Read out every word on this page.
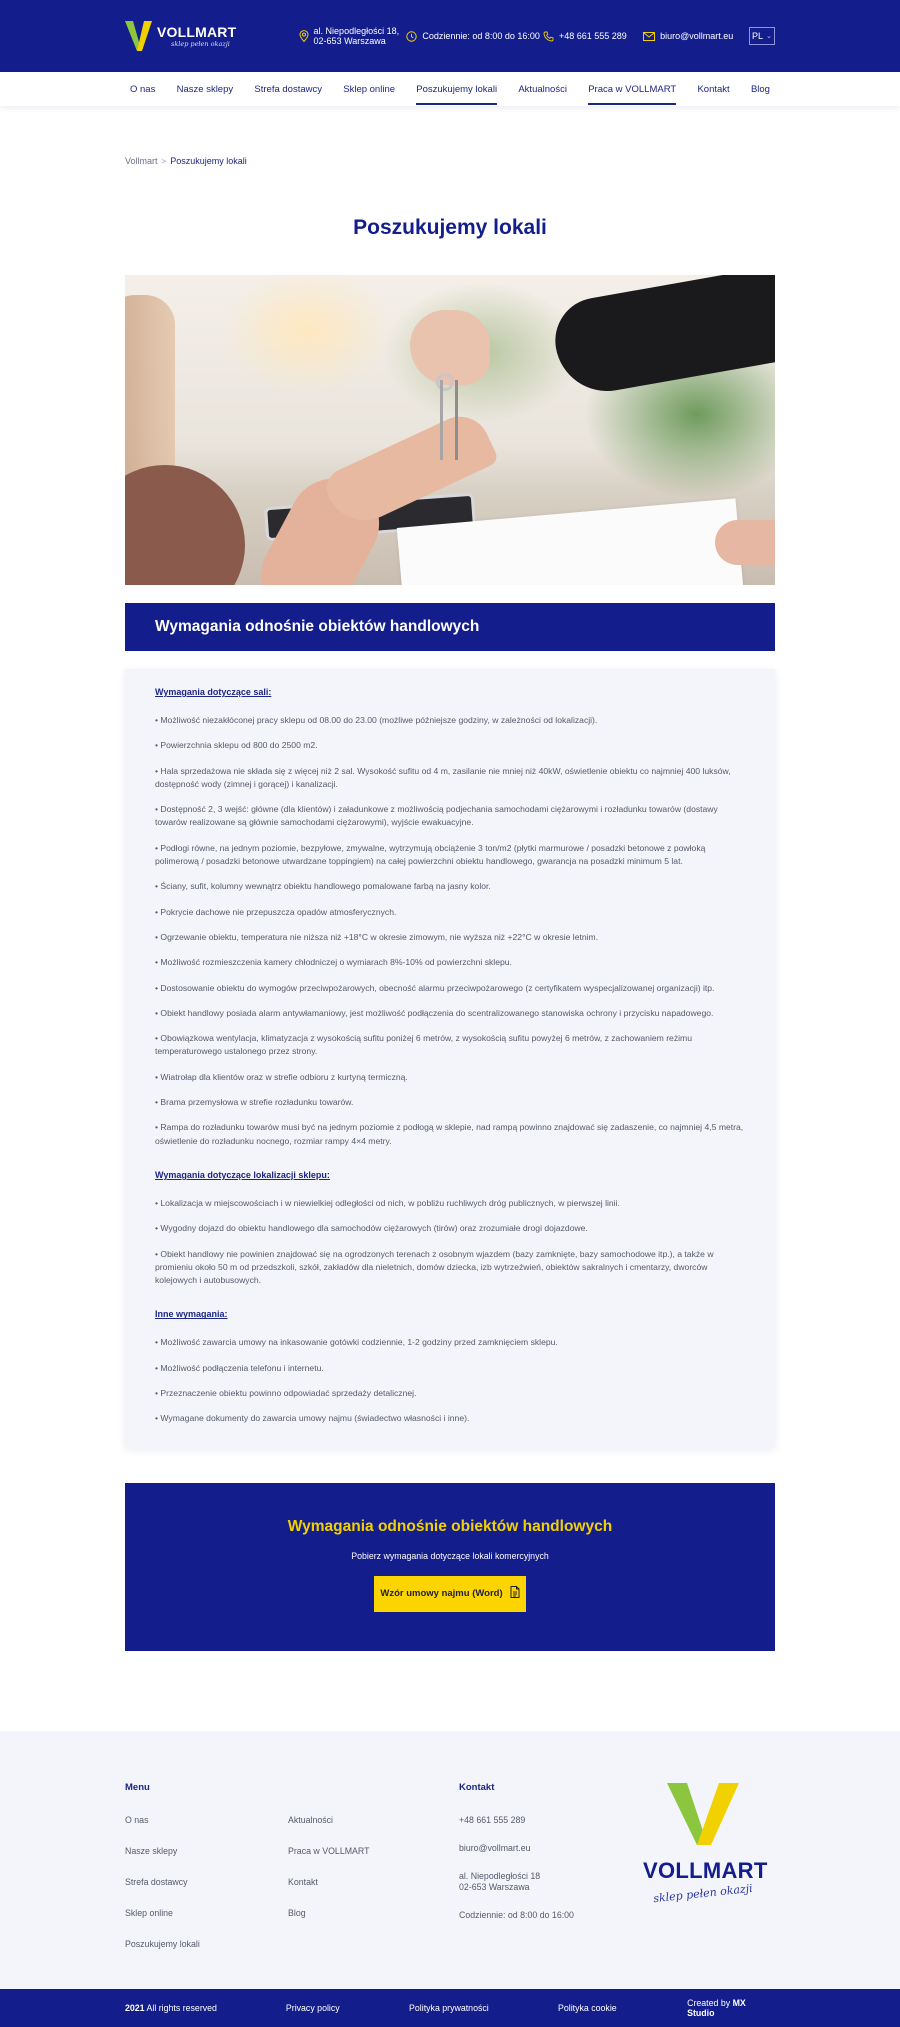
VOLLMART
sklep pełen okazji
al. Niepodległości 18,
02-653 Warszawa	Codziennie: od 8:00 do 16:00 +48 661 555 289	biuro@vollmart.eu PL ⌄
O nas Nasze sklepy Strefa dostawcy Sklep online Poszukujemy lokali Aktualności Praca w VOLLMART Kontakt Blog
Vollmart > Poszukujemy lokali
Poszukujemy lokali
Wymagania odnośnie obiektów handlowych
Wymagania dotyczące sali:

• Możliwość niezakłóconej pracy sklepu od 08.00 do 23.00 (możliwe późniejsze godziny, w zależności od lokalizacji).

• Powierzchnia sklepu od 800 do 2500 m2.

• Hala sprzedażowa nie składa się z więcej niż 2 sal. Wysokość sufitu od 4 m, zasilanie nie mniej niż 40kW, oświetlenie obiektu co najmniej 400 luksów, dostępność wody (zimnej i gorącej) i kanalizacji.

• Dostępność 2, 3 wejść: główne (dla klientów) i załadunkowe z możliwością podjechania samochodami ciężarowymi i rozładunku towarów (dostawy towarów realizowane są głównie samochodami ciężarowymi), wyjście ewakuacyjne.

• Podłogi równe, na jednym poziomie, bezpyłowe, zmywalne, wytrzymują obciążenie 3 ton/m2 (płytki marmurowe / posadzki betonowe z powłoką polimerową / posadzki betonowe utwardzane toppingiem) na całej powierzchni obiektu handlowego, gwarancja na posadzki minimum 5 lat.

• Ściany, sufit, kolumny wewnątrz obiektu handlowego pomalowane farbą na jasny kolor.

• Pokrycie dachowe nie przepuszcza opadów atmosferycznych.

• Ogrzewanie obiektu, temperatura nie niższa niż +18°C w okresie zimowym, nie wyższa niż +22°C w okresie letnim.

• Możliwość rozmieszczenia kamery chłodniczej o wymiarach 8%-10% od powierzchni sklepu.

• Dostosowanie obiektu do wymogów przeciwpożarowych, obecność alarmu przeciwpożarowego (z certyfikatem wyspecjalizowanej organizacji) itp.

• Obiekt handlowy posiada alarm antywłamaniowy, jest możliwość podłączenia do scentralizowanego stanowiska ochrony i przycisku napadowego.

• Obowiązkowa wentylacja, klimatyzacja z wysokością sufitu poniżej 6 metrów, z wysokością sufitu powyżej 6 metrów, z zachowaniem reżimu temperaturowego ustalonego przez strony.

• Wiatrołap dla klientów oraz w strefie odbioru z kurtyną termiczną.

• Brama przemysłowa w strefie rozładunku towarów.

• Rampa do rozładunku towarów musi być na jednym poziomie z podłogą w sklepie, nad rampą powinno znajdować się zadaszenie, co najmniej 4,5 metra, oświetlenie do rozładunku nocnego, rozmiar rampy 4×4 metry.

Wymagania dotyczące lokalizacji sklepu:

• Lokalizacja w miejscowościach i w niewielkiej odległości od nich, w pobliżu ruchliwych dróg publicznych, w pierwszej linii.

• Wygodny dojazd do obiektu handlowego dla samochodów ciężarowych (tirów) oraz zrozumiałe drogi dojazdowe.

• Obiekt handlowy nie powinien znajdować się na ogrodzonych terenach z osobnym wjazdem (bazy zamknięte, bazy samochodowe itp.), a także w promieniu około 50 m od przedszkoli, szkół, zakładów dla nieletnich, domów dziecka, izb wytrzeźwień, obiektów sakralnych i cmentarzy, dworców kolejowych i autobusowych.

Inne wymagania:

• Możliwość zawarcia umowy na inkasowanie gotówki codziennie, 1-2 godziny przed zamknięciem sklepu.

• Możliwość podłączenia telefonu i internetu.

• Przeznaczenie obiektu powinno odpowiadać sprzedaży detalicznej.

• Wymagane dokumenty do zawarcia umowy najmu (świadectwo własności i inne).

Wymagania odnośnie obiektów handlowych

Pobierz wymagania dotyczące lokali komercyjnych

Wzór umowy najmu (Word)
Menu
O nas
Nasze sklepy
Strefa dostawcy
Sklep online
Poszukujemy lokali
Aktualności
Praca w VOLLMART
Kontakt
Blog
Kontakt
+48 661 555 289
biuro@vollmart.eu
al. Niepodległości 18
02-653 Warszawa
Codziennie: od 8:00 do 16:00
VOLLMART
sklep pełen okazji
2021 All rights reserved	Privacy policy	Polityka prywatności	Polityka cookie	Created by MX Studio
